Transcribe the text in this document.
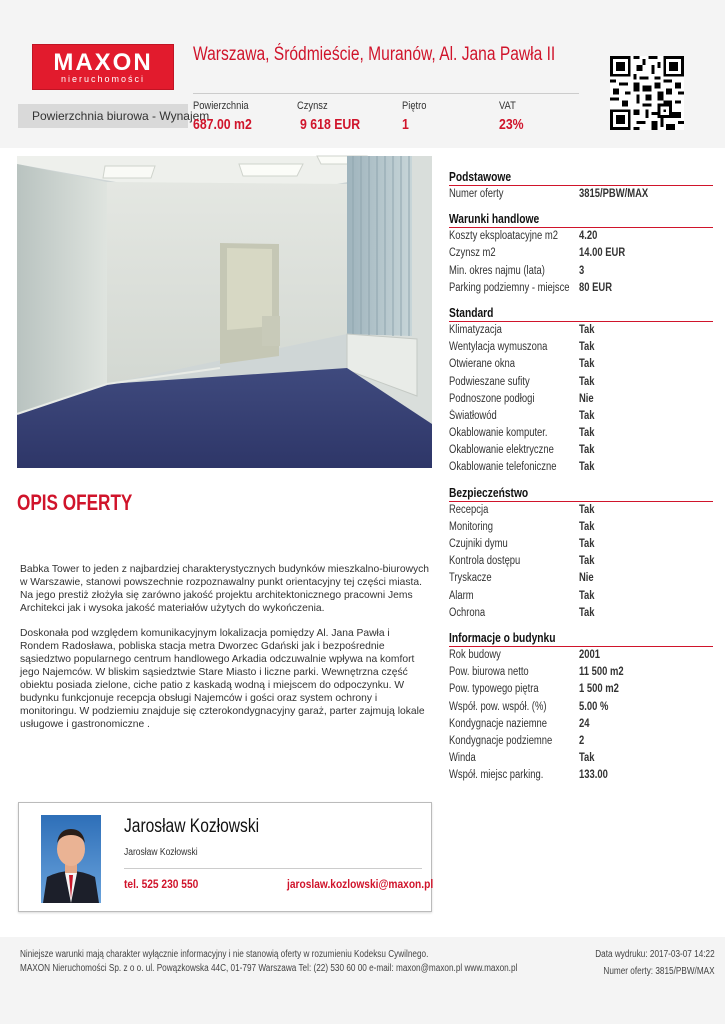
MAXON
nieruchomości
Warszawa, Śródmieście, Muranów, Al. Jana Pawła II
Powierzchnia biurowa - Wynajem
Powierzchnia
687.00 m2
Czynsz
9 618 EUR
Piętro
1
VAT
23%
OPIS OFERTY

Babka Tower to jeden z najbardziej charakterystycznych budynków mieszkalno-biurowych w Warszawie, stanowi powszechnie rozpoznawalny punkt orientacyjny tej części miasta. Na jego prestiż złożyła się zarówno jakość projektu architektonicznego pracowni Jems Architekci jak i wysoka jakość materiałów użytych do wykończenia.

Doskonała pod względem komunikacyjnym lokalizacja pomiędzy Al. Jana Pawła i Rondem Radosława, pobliska stacja metra Dworzec Gdański jak i bezpośrednie sąsiedztwo popularnego centrum handlowego Arkadia odczuwalnie wpływa na komfort jego Najemców. W bliskim sąsiedztwie Stare Miasto i liczne parki. Wewnętrzna część obiektu posiada zielone, ciche patio z kaskadą wodną i miejscem do odpoczynku. W budynku funkcjonuje recepcja obsługi Najemców i gości oraz system ochrony i monitoringu. W podziemiu znajduje się czterokondygnacyjny garaż, parter zajmują lokale usługowe i gastronomiczne .

Podstawowe
Numer oferty	3815/PBW/MAX
Warunki handlowe
Koszty eksploatacyjne m2	4.20
Czynsz m2	14.00 EUR
Min. okres najmu (lata)	3
Parking podziemny - miejsce 80 EUR
Standard
Klimatyzacja	Tak
Wentylacja wymuszona	Tak
Otwierane okna	Tak
Podwieszane sufity	Tak
Podnoszone podłogi	Nie
Światłowód	Tak
Okablowanie komputer.	Tak
Okablowanie elektryczne	Tak
Okablowanie telefoniczne	Tak
Bezpieczeństwo
Recepcja	Tak
Monitoring	Tak
Czujniki dymu	Tak
Kontrola dostępu	Tak
Tryskacze	Nie
Alarm	Tak
Ochrona	Tak
Informacje o budynku
Rok budowy	2001
Pow. biurowa netto	11 500 m2
Pow. typowego piętra	1 500 m2
Współ. pow. współ. (%)	5.00 %
Kondygnacje naziemne	24
Kondygnacje podziemne	2
Winda	Tak
Współ. miejsc parking.	133.00
Jarosław Kozłowski
Jarosław Kozłowski
tel. 525 230 550	jaroslaw.kozlowski@maxon.pl
Niniejsze warunki mają charakter wyłącznie informacyjny i nie stanowią oferty w rozumieniu Kodeksu Cywilnego.
MAXON Nieruchomości Sp. z o o. ul. Powązkowska 44C, 01-797 Warszawa Tel: (22) 530 60 00 e-mail: maxon@maxon.pl www.maxon.pl
Data wydruku: 2017-03-07 14:22
Numer oferty: 3815/PBW/MAX
